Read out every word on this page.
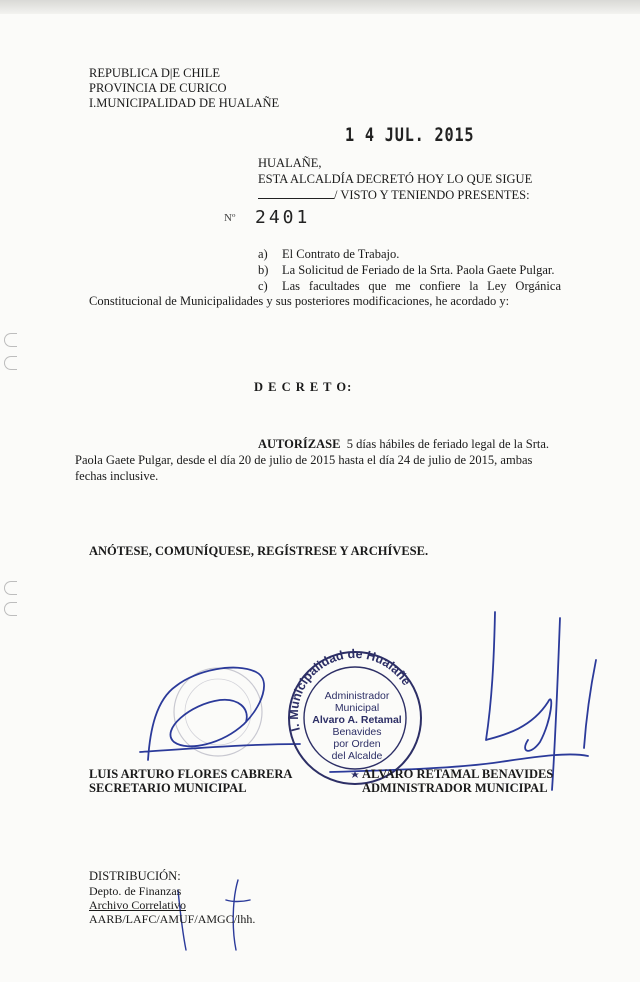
REPUBLICA D|E CHILE
PROVINCIA DE CURICO
I.MUNICIPALIDAD DE HUALAÑE
1 4 JUL. 2015
HUALAÑE,
ESTA ALCALDÍA DECRETÓ HOY LO QUE SIGUE
/ VISTO Y TENIENDO PRESENTES:
Nº 2401
a) El Contrato de Trabajo.
b) La Solicitud de Feriado de la Srta. Paola Gaete Pulgar.
c) Las facultades que me confiere la Ley Orgánica
Constitucional de Municipalidades y sus posteriores modificaciones, he acordado y:
D E C R E T O:
AUTORÍZASE 5 días hábiles de feriado legal de la Srta.
Paola Gaete Pulgar, desde el día 20 de julio de 2015 hasta el día 24 de julio de 2015, ambas
fechas inclusive.
ANÓTESE, COMUNÍQUESE, REGÍSTRESE Y ARCHÍVESE.
I. Municipalidad de Hualañe
Administrador
Municipal
Alvaro A. Retamal
Benavides
por Orden
del Alcalde
LUIS ARTURO FLORES CABRERA
SECRETARIO MUNICIPAL
ALVARO RETAMAL BENAVIDES
ADMINISTRADOR MUNICIPAL
DISTRIBUCIÓN:
Depto. de Finanzas
Archivo Correlativo
AARB/LAFC/AMUF/AMGC/lhh.
